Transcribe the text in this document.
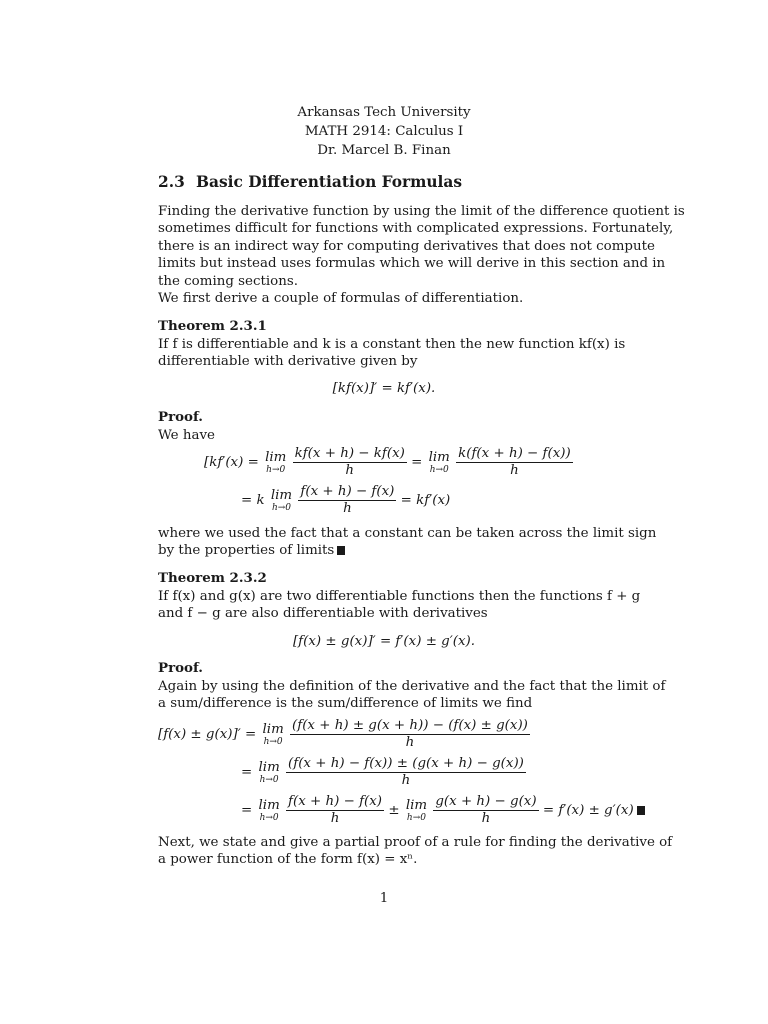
Arkansas Tech University
MATH 2914: Calculus I
Dr. Marcel B. Finan
2.3 Basic Differentiation Formulas
Finding the derivative function by using the limit of the difference quotient is
sometimes difficult for functions with complicated expressions. Fortunately,
there is an indirect way for computing derivatives that does not compute
limits but instead uses formulas which we will derive in this section and in
the coming sections.
We first derive a couple of formulas of differentiation.
Theorem 2.3.1
If f is differentiable and k is a constant then the new function kf(x) is
differentiable with derivative given by
[kf(x)]′ = kf′(x).
Proof.
We have
[kf′(x) = lim
h→0
$\frac{kf(x + h) - kf(x)}{h} = \lim$
h→0
$\frac{k(f(x + h) - f(x))}{h}$
= k lim
h→0
$\frac{f(x + h) - f(x)}{h} = kf'(x)$
where we used the fact that a constant can be taken across the limit sign
by the properties of limits
Theorem 2.3.2
If f(x) and g(x) are two differentiable functions then the functions f + g
and f − g are also differentiable with derivatives
[f(x) ± g(x)]′ = f′(x) ± g′(x).
Proof.
Again by using the definition of the derivative and the fact that the limit of
a sum/difference is the sum/difference of limits we find
[f(x) ± g(x)]′ = lim
h→0
$\frac{(f(x + h) \pm g(x + h)) - (f(x) \pm g(x))}{h}$
= lim
h→0
$\frac{(f(x + h) - f(x)) \pm (g(x + h) - g(x))}{h}$
= lim
h→0
$\frac{f(x + h) - f(x)}{h} \pm \lim$
h→0
$\frac{g(x + h) - g(x)}{h} = f'(x) \pm g'(x)$
Next, we state and give a partial proof of a rule for finding the derivative of
a power function of the form f(x) = xⁿ.
1
